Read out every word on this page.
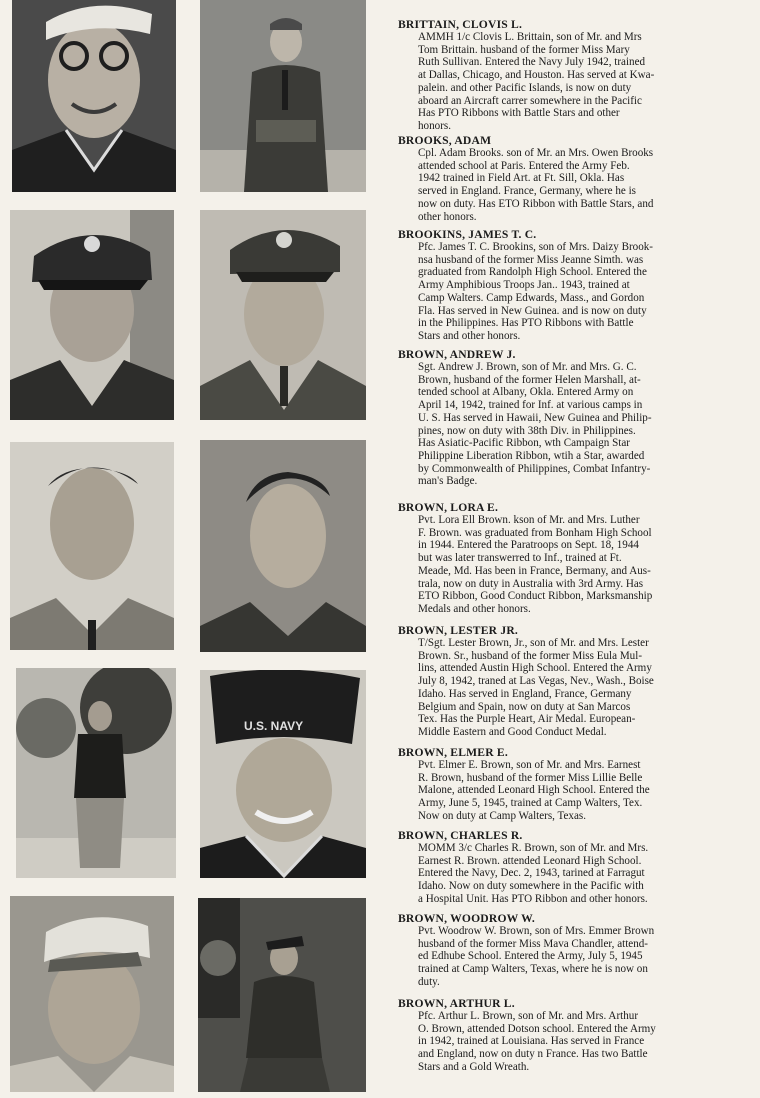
U.S. NAVY

BRITTAIN, CLOVIS L.

AMMH 1/c Clovis L. Brittain, son of Mr. and Mrs
Tom Brittain. husband of the former Miss Mary
Ruth Sullivan. Entered the Navy July 1942, trained
at Dallas, Chicago, and Houston. Has served at Kwa-
palein. and other Pacific Islands, is now on duty
aboard an Aircraft carrer somewhere in the Pacific
Has PTO Ribbons with Battle Stars and other
honors.

BROOKS, ADAM

Cpl. Adam Brooks. son of Mr. an Mrs. Owen Brooks
attended school at Paris. Entered the Army Feb.
1942 trained in Field Art. at Ft. Sill, Okla. Has
served in England. France, Germany, where he is
now on duty. Has ETO Ribbon with Battle Stars, and
other honors.

BROOKINS, JAMES T. C.

Pfc. James T. C. Brookins, son of Mrs. Daizy Brook-
nsa husband of the former Miss Jeanne Simth. was
graduated from Randolph High School. Entered the
Army Amphibious Troops Jan.. 1943, trained at
Camp Walters. Camp Edwards, Mass., and Gordon
Fla. Has served in New Guinea. and is now on duty
in the Philippines. Has PTO Ribbons with Battle
Stars and other honors.

BROWN, ANDREW J.

Sgt. Andrew J. Brown, son of Mr. and Mrs. G. C.
Brown, husband of the former Helen Marshall, at-
tended school at Albany, Okla. Entered Army on
April 14, 1942, trained for Inf. at various camps in
U. S. Has served in Hawaii, New Guinea and Philip-
pines, now on duty with 38th Div. in Philippines.
Has Asiatic-Pacific Ribbon, wth Campaign Star
Philippine Liberation Ribbon, wtih a Star, awarded
by Commonwealth of Philippines, Combat Infantry-
man's Badge.

BROWN, LORA E.

Pvt. Lora Ell Brown. kson of Mr. and Mrs. Luther
F. Brown. was graduated from Bonham High School
in 1944. Entered the Paratroops on Sept. 18, 1944
but was later transwerred to Inf., trained at Ft.
Meade, Md. Has been in France, Bermany, and Aus-
trala, now on duty in Australia with 3rd Army. Has
ETO Ribbon, Good Conduct Ribbon, Marksmanship
Medals and other honors.

BROWN, LESTER JR.

T/Sgt. Lester Brown, Jr., son of Mr. and Mrs. Lester
Brown. Sr., husband of the former Miss Eula Mul-
lins, attended Austin High School. Entered the Army
July 8, 1942, traned at Las Vegas, Nev., Wash., Boise
Idaho. Has served in England, France, Germany
Belgium and Spain, now on duty at San Marcos
Tex. Has the Purple Heart, Air Medal. European-
Middle Eastern and Good Conduct Medal.

BROWN, ELMER E.

Pvt. Elmer E. Brown, son of Mr. and Mrs. Earnest
R. Brown, husband of the former Miss Lillie Belle
Malone, attended Leonard High School. Entered the
Army, June 5, 1945, trained at Camp Walters, Tex.
Now on duty at Camp Walters, Texas.

BROWN, CHARLES R.

MOMM 3/c Charles R. Brown, son of Mr. and Mrs.
Earnest R. Brown. attended Leonard High School.
Entered the Navy, Dec. 2, 1943, tarined at Farragut
Idaho. Now on duty somewhere in the Pacific with
a Hospital Unit. Has PTO Ribbon and other honors.

BROWN, WOODROW W.

Pvt. Woodrow W. Brown, son of Mrs. Emmer Brown
husband of the former Miss Mava Chandler, attend-
ed Edhube School. Entered the Army, July 5, 1945
trained at Camp Walters, Texas, where he is now on
duty.

BROWN, ARTHUR L.

Pfc. Arthur L. Brown, son of Mr. and Mrs. Arthur
O. Brown, attended Dotson school. Entered the Army
in 1942, trained at Louisiana. Has served in France
and England, now on duty n France. Has two Battle
Stars and a Gold Wreath.
